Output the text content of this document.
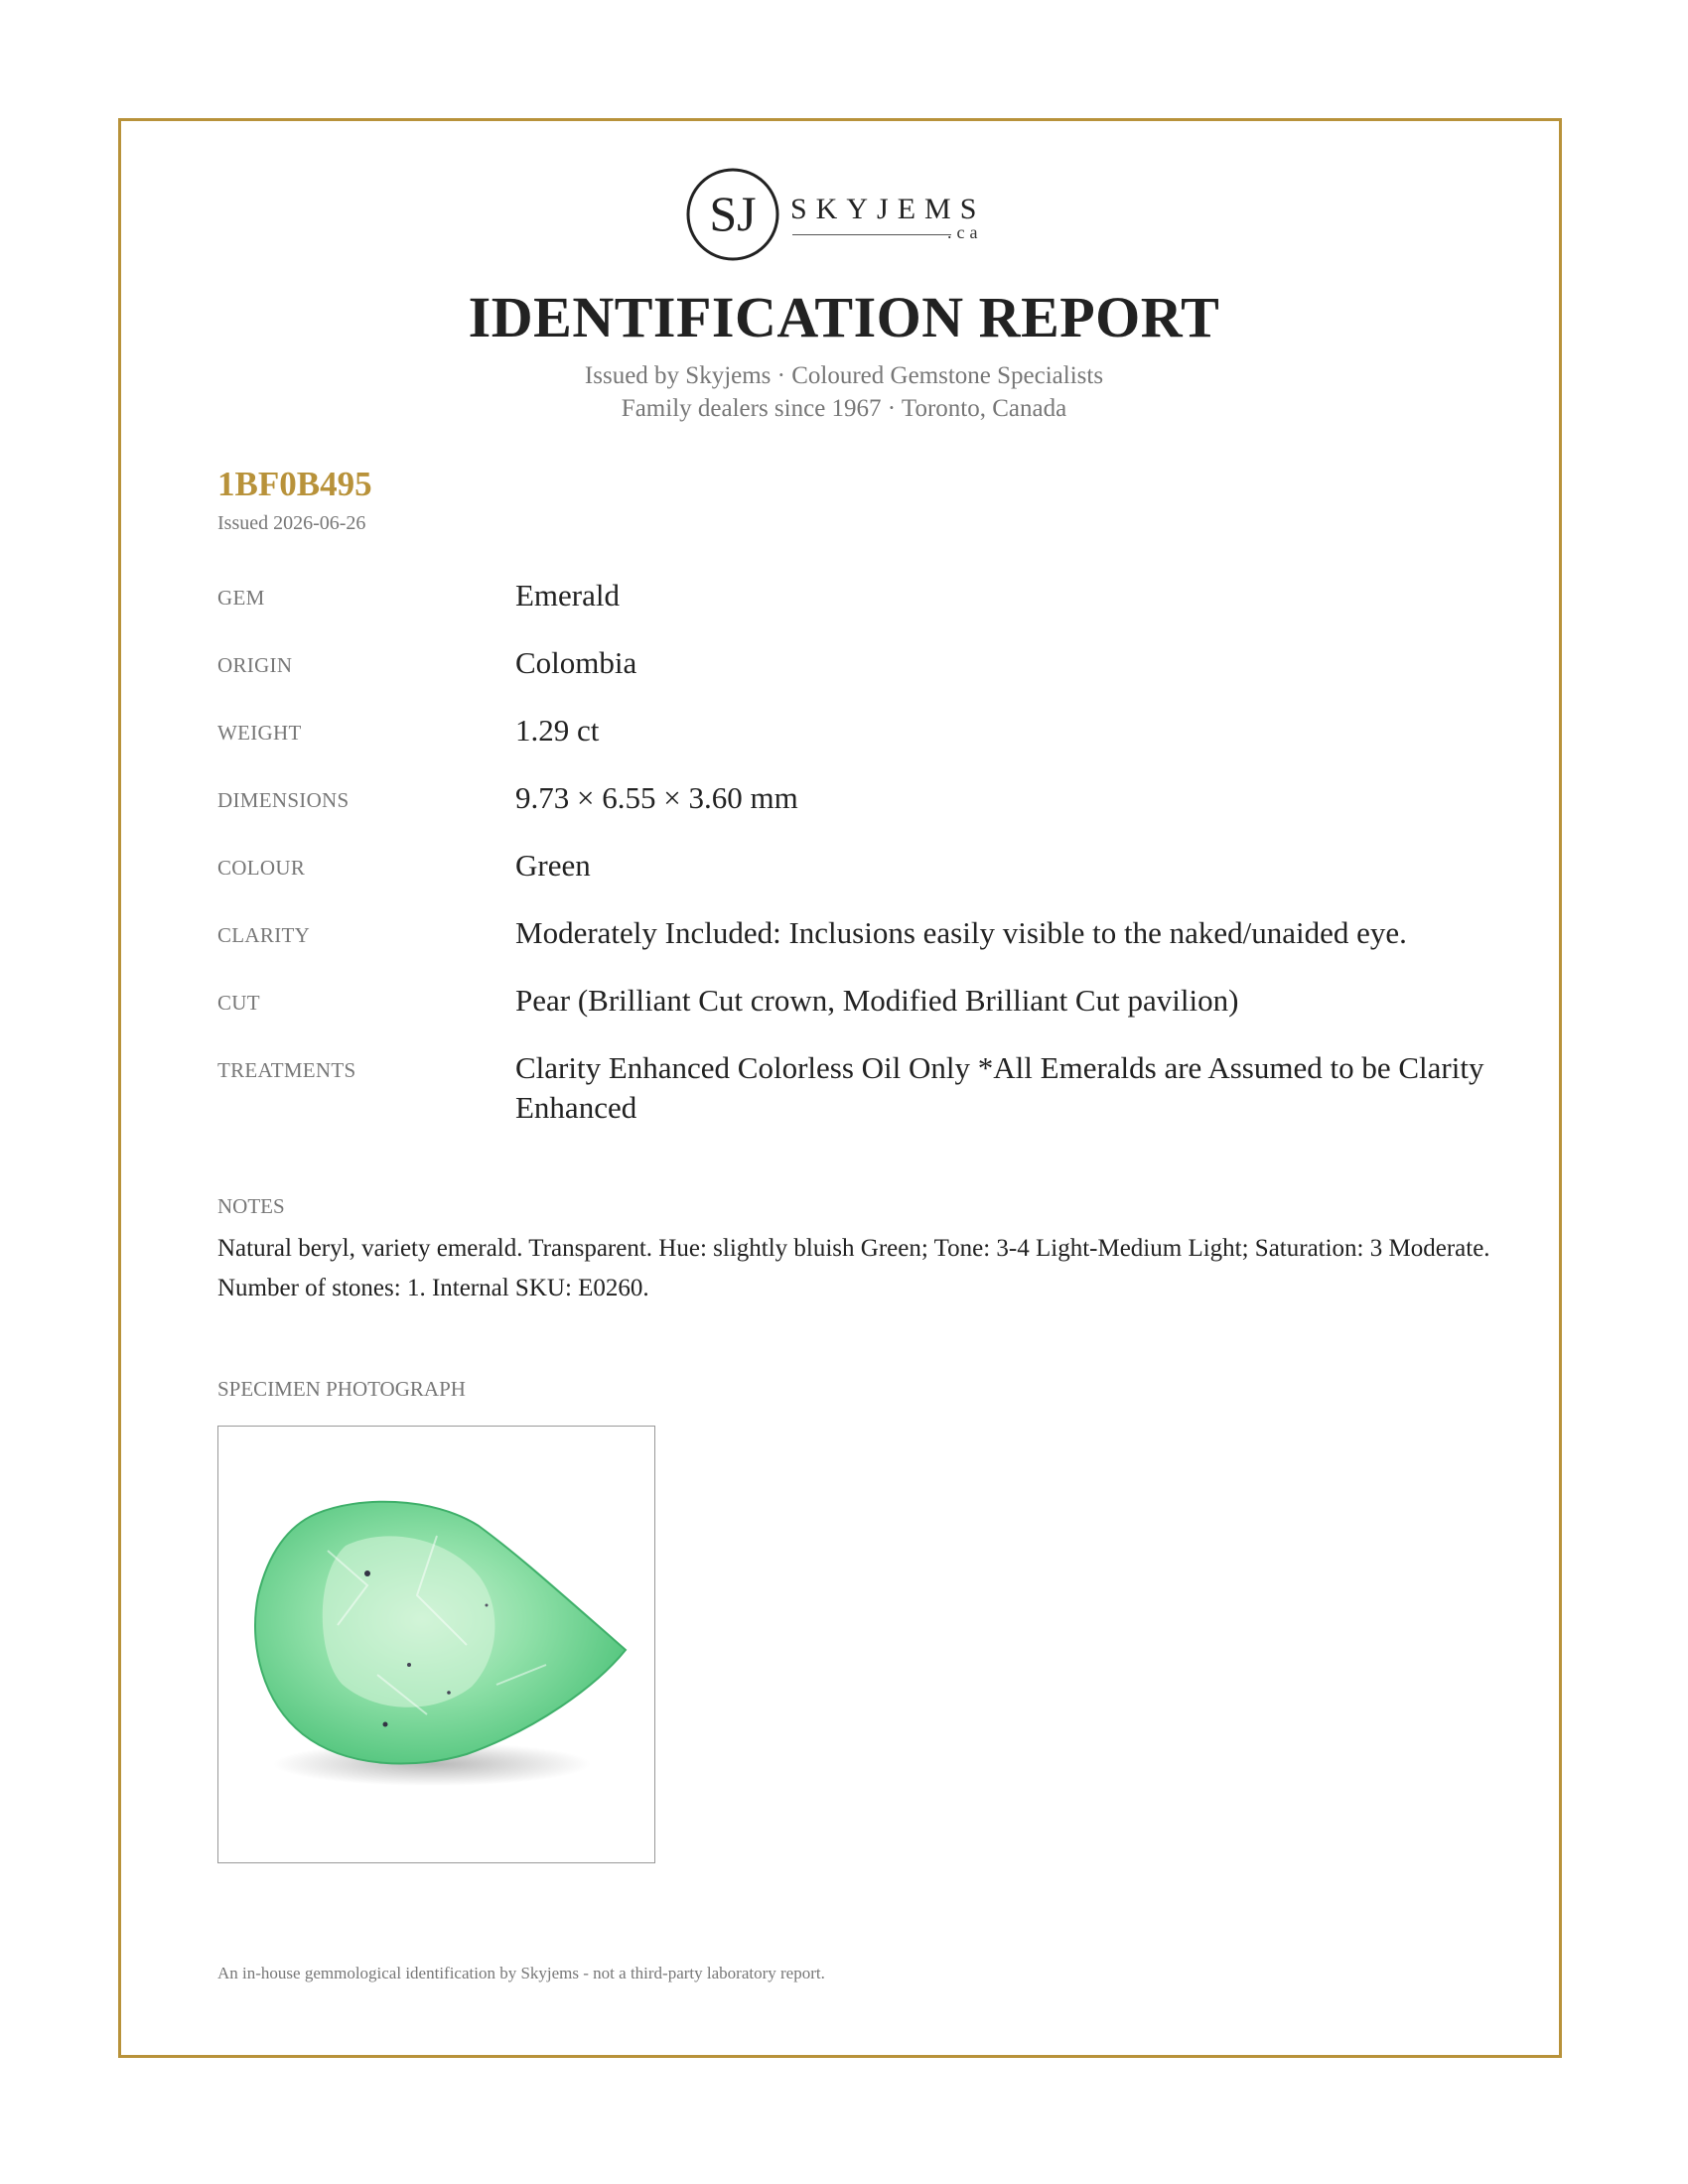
SJ SKYJEMS
.ca
IDENTIFICATION REPORT
Issued by Skyjems · Coloured Gemstone Specialists
Family dealers since 1967 · Toronto, Canada
1BF0B495
Issued 2026-06-26
GEM	Emerald
ORIGIN	Colombia
WEIGHT	1.29 ct
DIMENSIONS	9.73 × 6.55 × 3.60 mm
COLOUR	Green
CLARITY	Moderately Included: Inclusions easily visible to the naked/unaided eye.
CUT	Pear (Brilliant Cut crown, Modified Brilliant Cut pavilion)
TREATMENTS	Clarity Enhanced Colorless Oil Only *All Emeralds are Assumed to be Clarity Enhanced
NOTES
Natural beryl, variety emerald. Transparent. Hue: slightly bluish Green; Tone: 3-4 Light-Medium Light; Saturation: 3 Moderate. Number of stones: 1. Internal SKU: E0260.
SPECIMEN PHOTOGRAPH
An in-house gemmological identification by Skyjems - not a third-party laboratory report.
